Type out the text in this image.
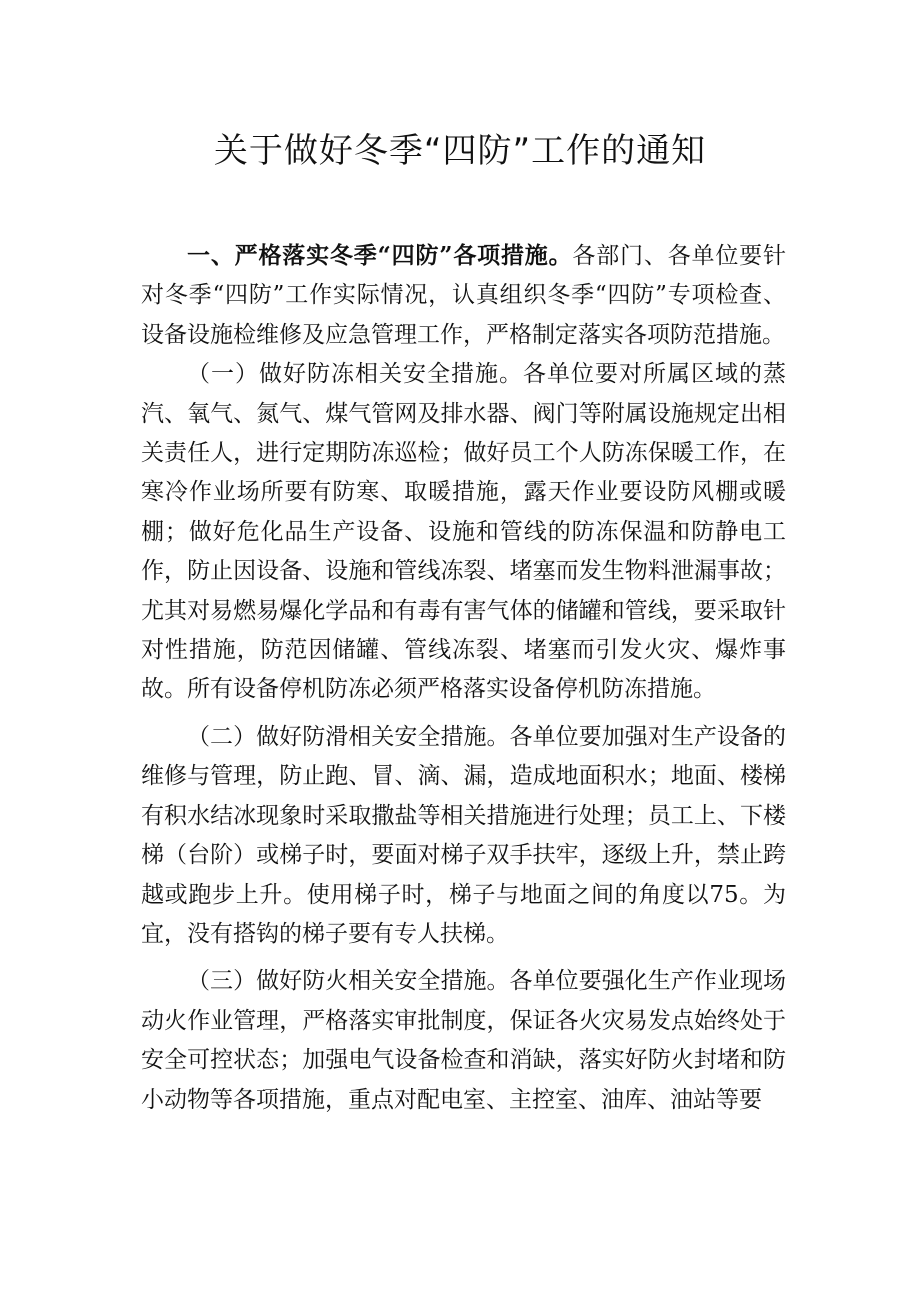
关于做好冬季“四防”工作的通知

一、严格落实冬季“四防”各项措施。各部门、各单位要针对冬季“四防”工作实际情况，认真组织冬季“四防”专项检查、设备设施检维修及应急管理工作，严格制定落实各项防范措施。

（一）做好防冻相关安全措施。各单位要对所属区域的蒸汽、氧气、氮气、煤气管网及排水器、阀门等附属设施规定出相关责任人，进行定期防冻巡检；做好员工个人防冻保暖工作，在寒冷作业场所要有防寒、取暖措施，露天作业要设防风棚或暖棚；做好危化品生产设备、设施和管线的防冻保温和防静电工作，防止因设备、设施和管线冻裂、堵塞而发生物料泄漏事故；尤其对易燃易爆化学品和有毒有害气体的储罐和管线，要采取针对性措施，防范因储罐、管线冻裂、堵塞而引发火灾、爆炸事故。所有设备停机防冻必须严格落实设备停机防冻措施。

（二）做好防滑相关安全措施。各单位要加强对生产设备的维修与管理，防止跑、冒、滴、漏，造成地面积水；地面、楼梯有积水结冰现象时采取撒盐等相关措施进行处理；员工上、下楼梯（台阶）或梯子时，要面对梯子双手扶牢，逐级上升，禁止跨越或跑步上升。使用梯子时，梯子与地面之间的角度以75。为宜，没有搭钩的梯子要有专人扶梯。

（三）做好防火相关安全措施。各单位要强化生产作业现场动火作业管理，严格落实审批制度，保证各火灾易发点始终处于安全可控状态；加强电气设备检查和消缺，落实好防火封堵和防小动物等各项措施，重点对配电室、主控室、油库、油站等要
